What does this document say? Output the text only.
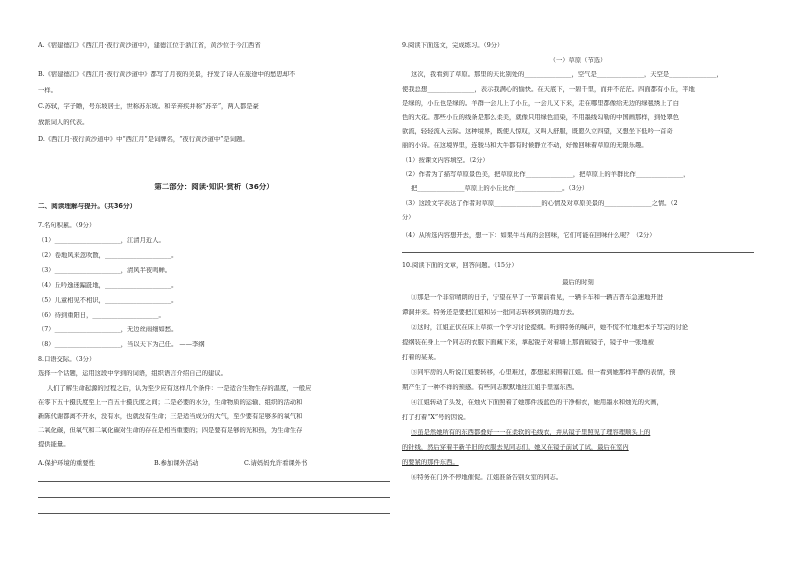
A.《宿建德江》《西江月·夜行黄沙道中》，建德江位于浙江省，黄沙位于今江西省
B.《宿建德江》《西江月·夜行黄沙道中》都写了月夜的美景，抒发了诗人在旅途中的愁思却不
一样。
C.苏轼，字子瞻，号东坡居士，世称苏东坡。和辛弃疾并称“苏辛”，两人都是豪
放派词人的代表。
D.《西江月·夜行黄沙道中》中“西江月”是词牌名，“夜行黄沙道中”是词题。
第二部分：阅读·知识·赏析（36分）
二、阅读理解与提升。（共36分）
7.名句积累。（9分）
（1）_____________________，江清月近人。
（2）卷地风来忽吹散，_____________________。
（3）_____________________，清风半夜鸣蝉。
（4）丘吟逸迷蹁跹地，_____________________。
（5）儿童相见不相识，_____________________。
（6）待到重阳日，_____________________。
（7）_____________________，无边丝雨细如愁。
（8）_____________________，当以天下为己任。 ——李纲
8.口语交际。（3分）
选择一个话题，运用这段中学到的词语，组织语言介绍自己的建议。
人们了解生命起源的过程之后，认为至少应有这样几个条件：一是适合生物生存的温度，一般应
在零下五十摄氏度至上一百五十摄氏度之间；二是必要的水分，生命物质的运输、组织的活动和
新陈代谢都离不开水，没有水，也就没有生命；三是适当成分的大气，至少要有足够多的氧气和
二氧化碳，但氧气和二氧化碳对生命的存在是相当重要的；四是要有足够的光和热，为生命生存
提供能量。
A.保护环境的重要性	B.参加课外活动	C.请妈妈允许看课外书
9.阅读下面选文，完成练习。（9分）
（一）草原（节选）
这次，我看到了草原。那里的天比别处的_______________，空气是_______________，天空是_______________，
使我总想_______________，表示我满心的愉快。在天底下，一碧千里，而并不茫茫。四面都有小丘，平地
是绿的，小丘也是绿的。羊群一会儿上了小丘，一会儿又下来，走在哪里都像给无边的绿毯绣上了白
色的大花。那些小丘的线条是那么柔美，就像只用绿色渲染，不用墨线勾勒的中国画那样，到处翠色
欲流，轻轻流入云际。这种境界，既使人惊叹，又叫人舒服，既愿久立四望，又想坐下低吟一首奇
丽的小诗。在这境界里，连骏马和大牛都有时候静立不动，好像回味着草原的无限乐趣。
（1）按课文内容填空。（2分）
（2）作者为了描写草原景色美，把草原比作_______________，把草原上的羊群比作_______________，
把_______________草原上的小丘比作_______________。（3分）
（3）这段文字表达了作者对草原_______________的心情及对草原美景的_______________之情。（2
分）
（4）从所选内容想开去，想一下：如果牛马真的会回味，它们可能在回味什么呢？（2分）
10.阅读下面的文章，回答问题。（15分）
最后的时刻
①那是一个非常晴朗的日子，宁望在早了一节课前看见，一辆卡车和一辆吉普车急速地开进
谭洞井来。特务还是要把江姐和另一批同志转移到别的地方去。
②这时，江姐正伏在床上草拟一个学习讨论提纲。听到特务的喊声，她不慌不忙地把本子写完的讨论
提纲装在身上一个同志的衣服下面藏下来，拿起锐子对着墙上那面破镜子，镜子中一张地被
打着的某某。
③同牢房的人听说江姐要转移，心里难过，都想起来围着江姐。但一看到她那样平静的表情，预
期产生了一种不祥的预感。有些同志默默地往江姐手里塞东西。
④江姐转动了头发，在烛火下面照着了她那件浅蓝色的干净棉衣，她用墨水和烛光的火画，
打了打着“X”号的因说。
⑤虽是然她所有的东西都叠好一一在柔软的毛线衣，并从镜子里照见了理容理顺头上的
的针线，然后穿着半新半旧的衣服去见同志们，她又在镜子前试了试，最后在室内
的要紧的那件东西。
⑥特务在门外不停地催促。江姐准备告别女室的同志。
